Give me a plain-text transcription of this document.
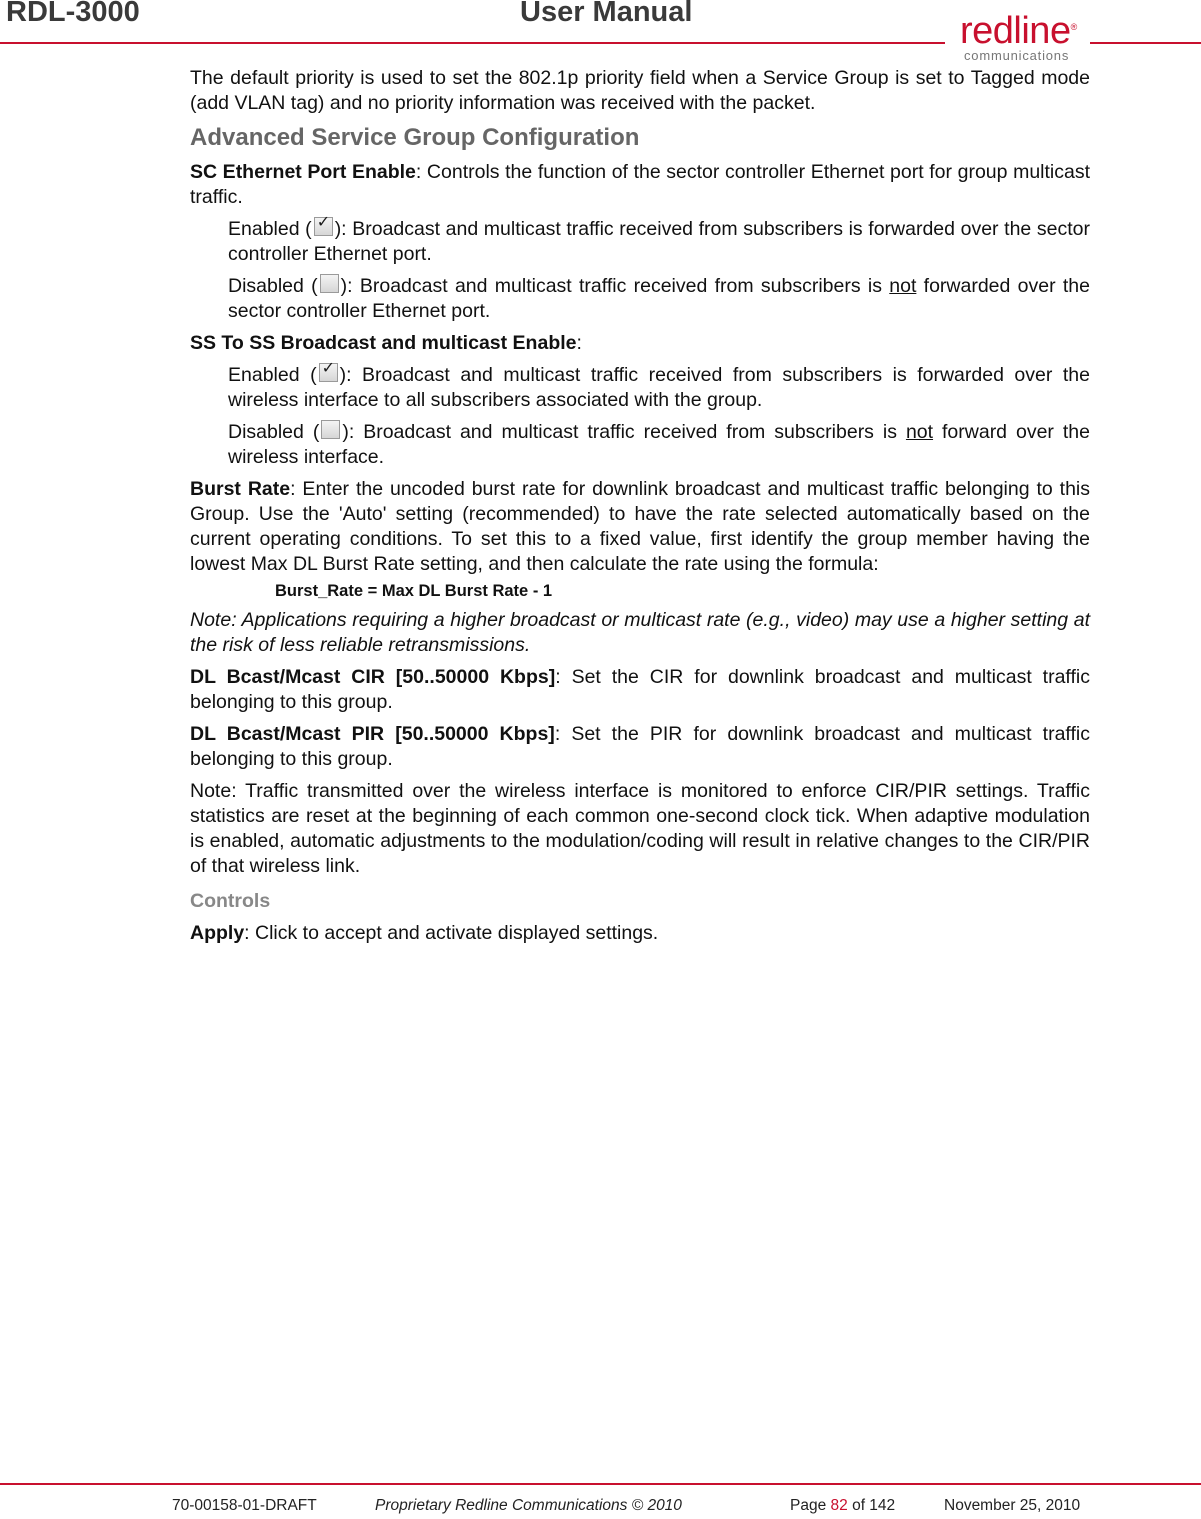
RDL-3000	User Manual	redline®
communications

The default priority is used to set the 802.1p priority field when a Service Group is set to Tagged mode (add VLAN tag) and no priority information was received with the packet.

Advanced Service Group Configuration

SC Ethernet Port Enable: Controls the function of the sector controller Ethernet port for group multicast traffic.

Enabled ( ✓ ): Broadcast and multicast traffic received from subscribers is forwarded over the sector controller Ethernet port.

Disabled ( ): Broadcast and multicast traffic received from subscribers is not forwarded over the sector controller Ethernet port.

SS To SS Broadcast and multicast Enable:

Enabled ( ✓ ): Broadcast and multicast traffic received from subscribers is forwarded over the wireless interface to all subscribers associated with the group.

Disabled ( ): Broadcast and multicast traffic received from subscribers is not forward over the wireless interface.

Burst Rate: Enter the uncoded burst rate for downlink broadcast and multicast traffic belonging to this Group. Use the 'Auto' setting (recommended) to have the rate selected automatically based on the current operating conditions. To set this to a fixed value, first identify the group member having the lowest Max DL Burst Rate setting, and then calculate the rate using the formula:

Burst_Rate = Max DL Burst Rate - 1

Note: Applications requiring a higher broadcast or multicast rate (e.g., video) may use a higher setting at the risk of less reliable retransmissions.

DL Bcast/Mcast CIR [50..50000 Kbps]: Set the CIR for downlink broadcast and multicast traffic belonging to this group.

DL Bcast/Mcast PIR [50..50000 Kbps]: Set the PIR for downlink broadcast and multicast traffic belonging to this group.

Note: Traffic transmitted over the wireless interface is monitored to enforce CIR/PIR settings. Traffic statistics are reset at the beginning of each common one-second clock tick. When adaptive modulation is enabled, automatic adjustments to the modulation/coding will result in relative changes to the CIR/PIR of that wireless link.

Controls

Apply: Click to accept and activate displayed settings.

70-00158-01-DRAFT	Proprietary Redline Communications © 2010	Page 82 of 142	November 25, 2010
